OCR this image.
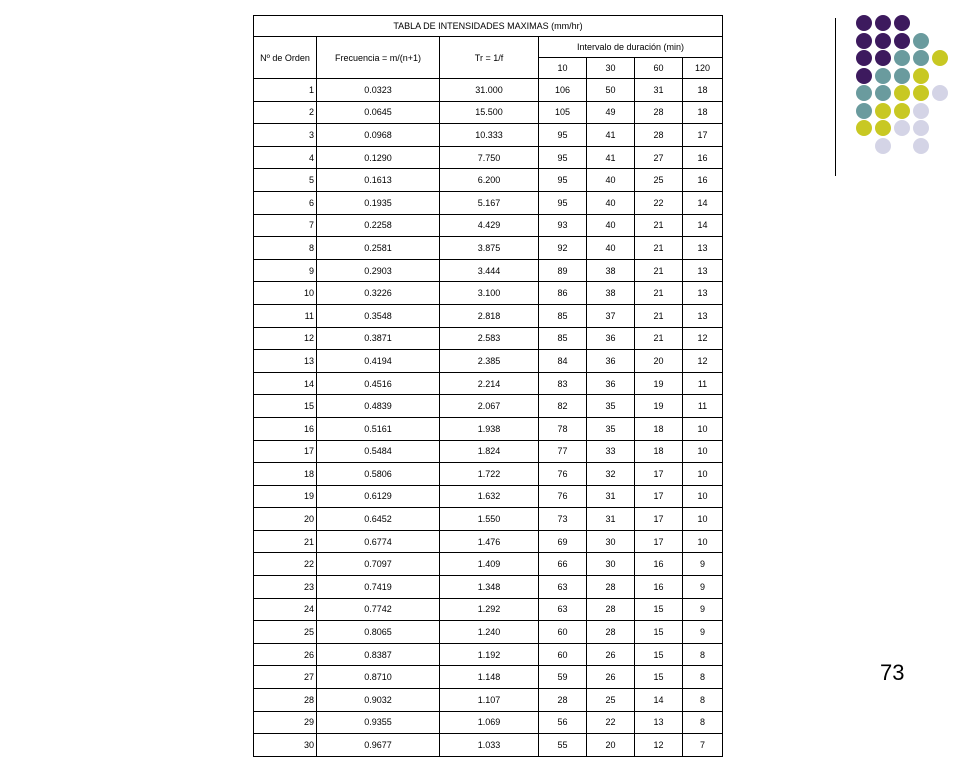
TABLA DE INTENSIDADES MAXIMAS (mm/hr)						
Nº de Orden	Frecuencia = m/(n+1)	Tr = 1/f	Intervalo de duración (min)			
			10	30	60	120
1	0.0323	31.000	106	50	31	18
2	0.0645	15.500	105	49	28	18
3	0.0968	10.333	95	41	28	17
4	0.1290	7.750	95	41	27	16
5	0.1613	6.200	95	40	25	16
6	0.1935	5.167	95	40	22	14
7	0.2258	4.429	93	40	21	14
8	0.2581	3.875	92	40	21	13
9	0.2903	3.444	89	38	21	13
10	0.3226	3.100	86	38	21	13
11	0.3548	2.818	85	37	21	13
12	0.3871	2.583	85	36	21	12
13	0.4194	2.385	84	36	20	12
14	0.4516	2.214	83	36	19	11
15	0.4839	2.067	82	35	19	11
16	0.5161	1.938	78	35	18	10
17	0.5484	1.824	77	33	18	10
18	0.5806	1.722	76	32	17	10
19	0.6129	1.632	76	31	17	10
20	0.6452	1.550	73	31	17	10
21	0.6774	1.476	69	30	17	10
22	0.7097	1.409	66	30	16	9
23	0.7419	1.348	63	28	16	9
24	0.7742	1.292	63	28	15	9
25	0.8065	1.240	60	28	15	9
26	0.8387	1.192	60	26	15	8
27	0.8710	1.148	59	26	15	8
28	0.9032	1.107	28	25	14	8
29	0.9355	1.069	56	22	13	8
30	0.9677	1.033	55	20	12	7
73
